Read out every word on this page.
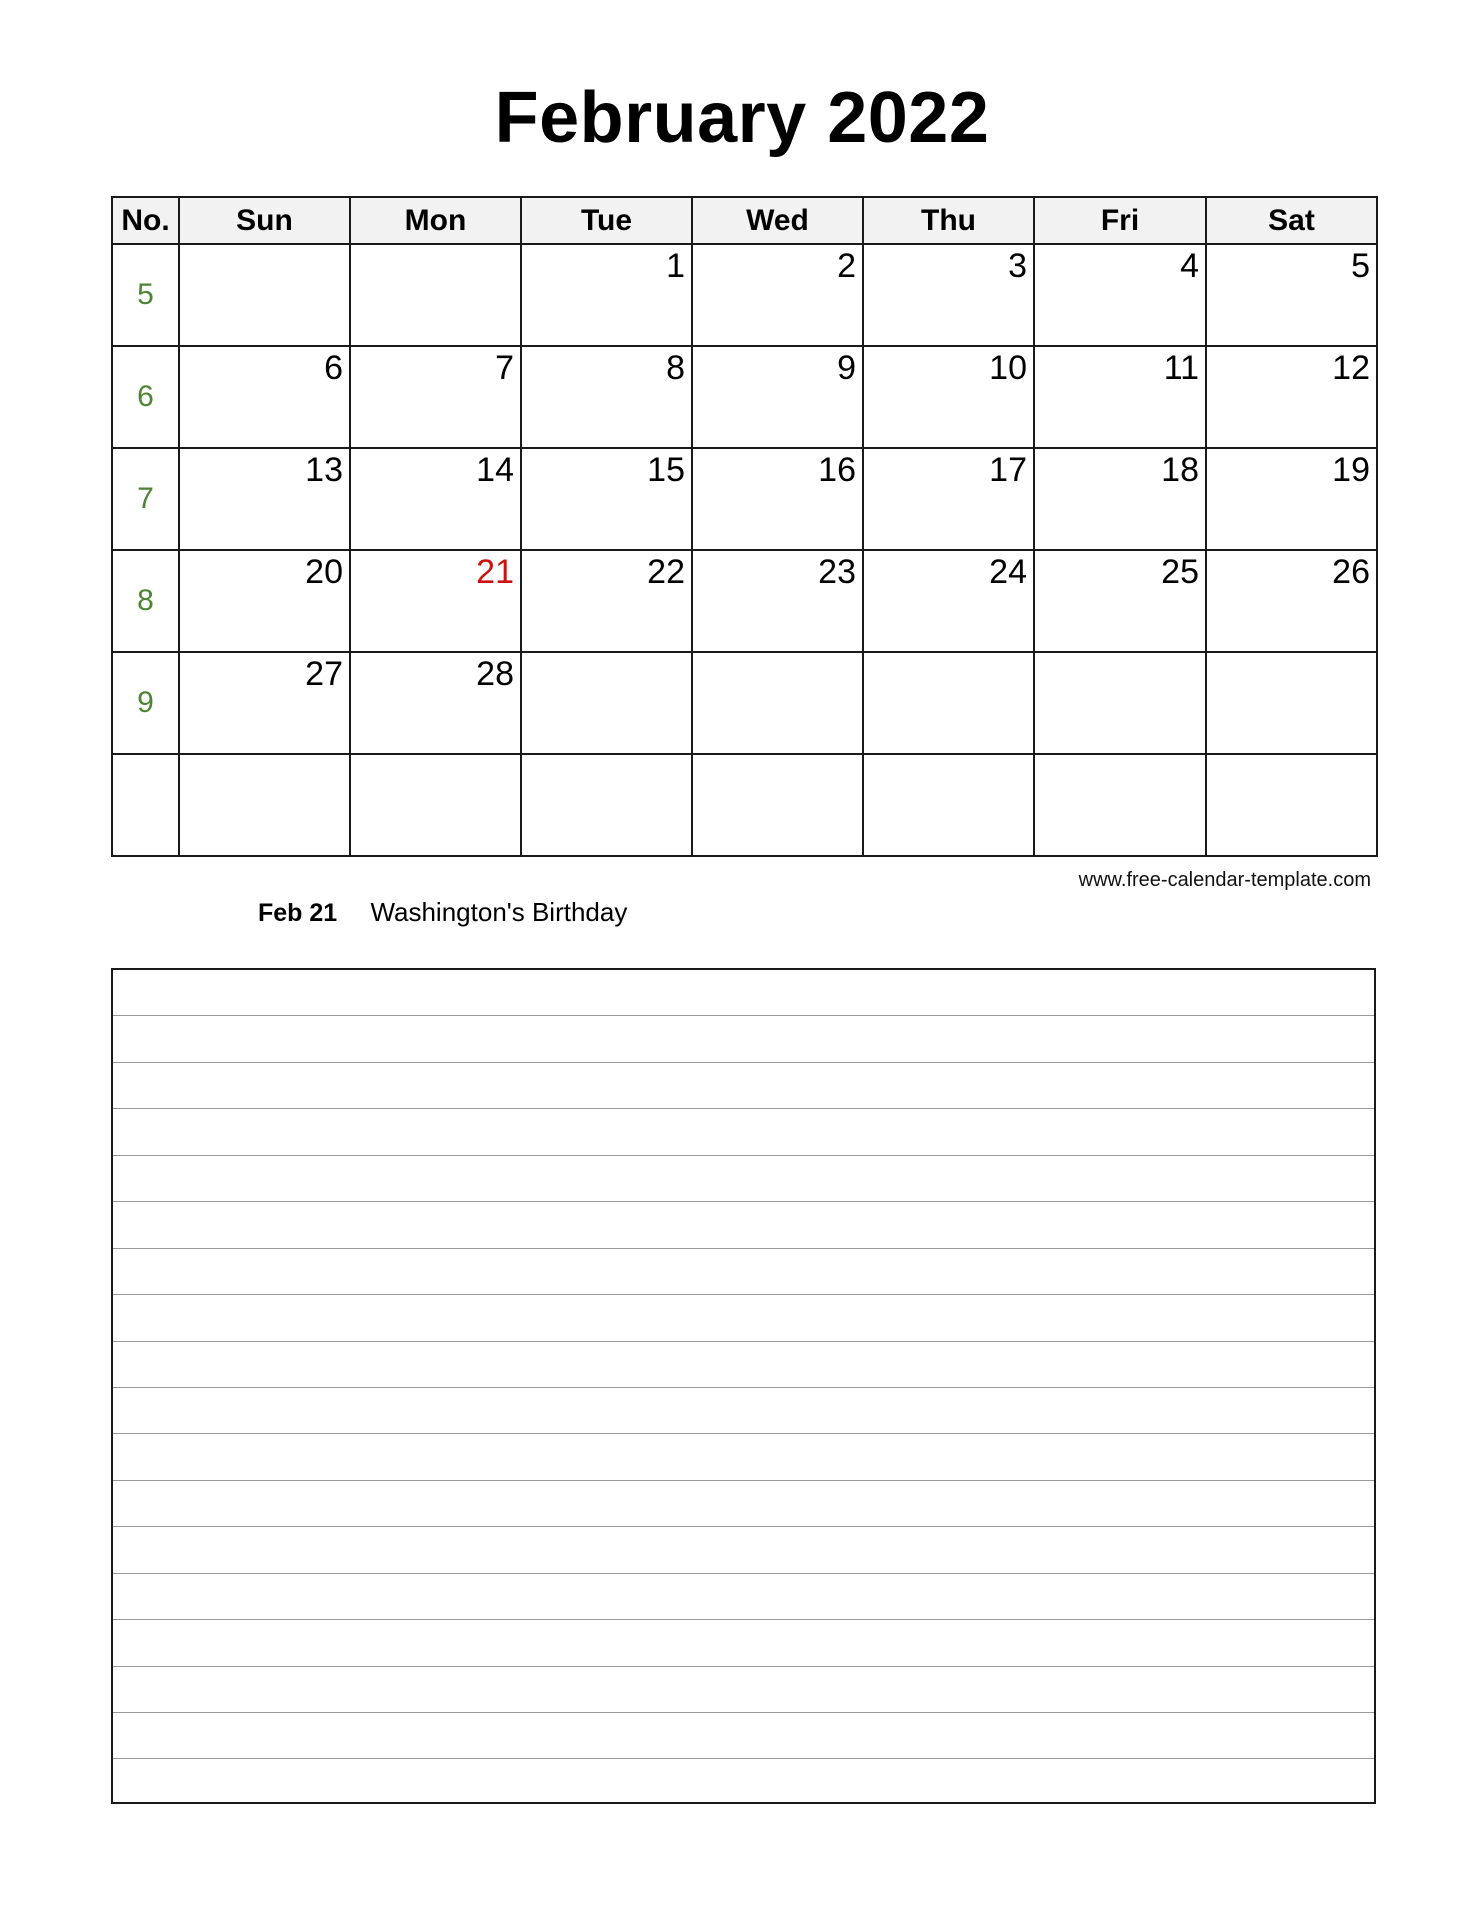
February 2022
No.	Sun	Mon	Tue	Wed	Thu	Fri	Sat
5			1	2	3	4	5

6	6	7	8	9	10	11	12

7	13	14	15	16	17	18	19

8	20	21	22	23	24	25	26

9	27	28					

www.free-calendar-template.com
Feb 21 Washington's Birthday
